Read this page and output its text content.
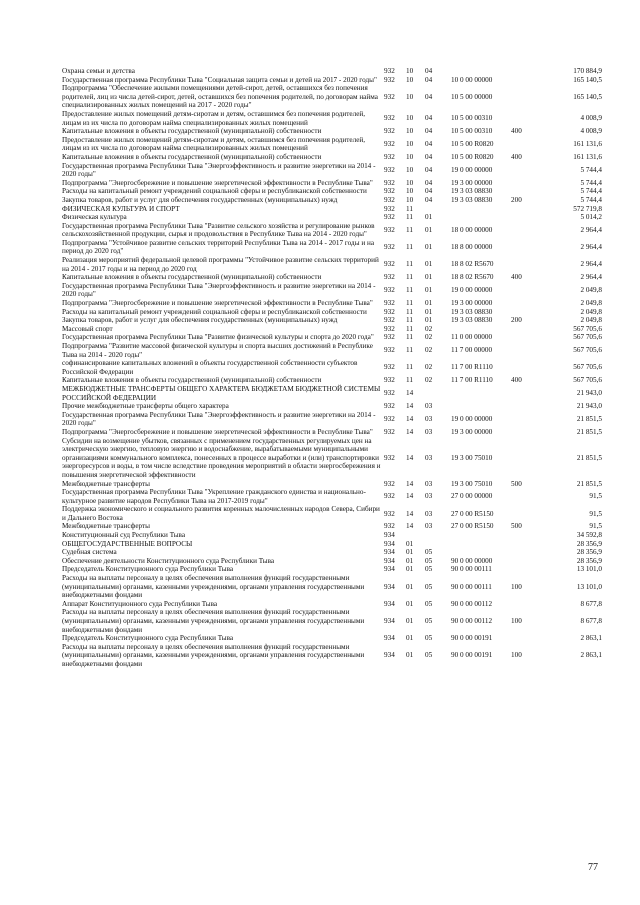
Охрана семьи и детства	932	10	04			170 884,9
Государственная программа Республики Тыва "Социальная защита семьи и детей на 2017 - 2020 годы"	932	10	04	10 0 00 00000		165 140,5
Подпрограмма "Обеспечение жилыми помещениями детей-сирот, детей, оставшихся без попечения родителей, лиц из числа детей-сирот, детей, оставшихся без попечения родителей, по договорам найма специализированных жилых помещений на 2017 - 2020 годы"	932	10	04	10 5 00 00000		165 140,5
Предоставление жилых помещений детям-сиротам и детям, оставшимся без попечения родителей, лицам из их числа по договорам найма специализированных жилых помещений	932	10	04	10 5 00 00310		4 008,9
Капитальные вложения в объекты государственной (муниципальной) собственности	932	10	04	10 5 00 00310	400	4 008,9
Предоставление жилых помещений детям-сиротам и детям, оставшимся без попечения родителей, лицам из их числа по договорам найма специализированных жилых помещений	932	10	04	10 5 00 R0820		161 131,6
Капитальные вложения в объекты государственной (муниципальной) собственности	932	10	04	10 5 00 R0820	400	161 131,6
Государственная программа Республики Тыва "Энергоэффективность и развитие энергетики на 2014 - 2020 годы"	932	10	04	19 0 00 00000		5 744,4
Подпрограмма "Энергосбережение и повышение энергетической эффективности в Республике Тыва"	932	10	04	19 3 00 00000		5 744,4
Расходы на капитальный ремонт учреждений социальной сферы и республиканской собственности	932	10	04	19 3 03 08830		5 744,4
Закупка товаров, работ и услуг для обеспечения государственных (муниципальных) нужд	932	10	04	19 3 03 08830	200	5 744,4
ФИЗИЧЕСКАЯ КУЛЬТУРА И СПОРТ	932	11				572 719,8
Физическая культура	932	11	01			5 014,2
Государственная программа Республики Тыва "Развитие сельского хозяйства и регулирование рынков сельскохозяйственной продукции, сырья и продовольствия в Республике Тыва на 2014 - 2020 годы"	932	11	01	18 0 00 00000		2 964,4
Подпрограмма "Устойчивое развитие сельских территорий Республики Тыва на 2014 - 2017 годы и на период до 2020 год"	932	11	01	18 8 00 00000		2 964,4
Реализация мероприятий федеральной целевой программы "Устойчивое развитие сельских территорий на 2014 - 2017 годы и на период до 2020 год	932	11	01	18 8 02 R5670		2 964,4
Капитальные вложения в объекты государственной (муниципальной) собственности	932	11	01	18 8 02 R5670	400	2 964,4
Государственная программа Республики Тыва "Энергоэффективность и развитие энергетики на 2014 - 2020 годы"	932	11	01	19 0 00 00000		2 049,8
Подпрограмма "Энергосбережение и повышение энергетической эффективности в Республике Тыва"	932	11	01	19 3 00 00000		2 049,8
Расходы на капитальный ремонт учреждений социальной сферы и республиканской собственности	932	11	01	19 3 03 08830		2 049,8
Закупка товаров, работ и услуг для обеспечения государственных (муниципальных) нужд	932	11	01	19 3 03 08830	200	2 049,8
Массовый спорт	932	11	02			567 705,6
Государственная программа Республики Тыва "Развитие физической культуры и спорта до 2020 года"	932	11	02	11 0 00 00000		567 705,6
Подпрограмма "Развитие массовой физической культуры и спорта высших достижений в Республике Тыва на 2014 - 2020 годы"	932	11	02	11 7 00 00000		567 705,6
софинансирование капитальных вложений в объекты государственной собственности субъектов Российской Федерации	932	11	02	11 7 00 R1110		567 705,6
Капитальные вложения в объекты государственной (муниципальной) собственности	932	11	02	11 7 00 R1110	400	567 705,6
МЕЖБЮДЖЕТНЫЕ ТРАНСФЕРТЫ ОБЩЕГО ХАРАКТЕРА БЮДЖЕТАМ БЮДЖЕТНОЙ СИСТЕМЫ РОССИЙСКОЙ ФЕДЕРАЦИИ	932	14				21 943,0
Прочие межбюджетные трансферты общего характера	932	14	03			21 943,0
Государственная программа Республики Тыва "Энергоэффективность и развитие энергетики на 2014 - 2020 годы"	932	14	03	19 0 00 00000		21 851,5
Подпрограмма "Энергосбережение и повышение энергетической эффективности в Республике Тыва"	932	14	03	19 3 00 00000		21 851,5
Субсидии на возмещение убытков, связанных с применением государственных регулируемых цен на электрическую энергию, тепловую энергию и водоснабжение, вырабатываемыми муниципальными организациями коммунального комплекса, понесенных в процессе выработки и (или) транспортировки энергоресурсов и воды, в том числе вследствие проведения мероприятий в области энергосбережения и повышения энергетической эффективности	932	14	03	19 3 00 75010		21 851,5
Межбюджетные трансферты	932	14	03	19 3 00 75010	500	21 851,5
Государственная программа Республики Тыва "Укрепление гражданского единства и национально-культурное развитие народов Республики Тыва на 2017-2019 годы"	932	14	03	27 0 00 00000		91,5
Поддержка экономического и социального развития коренных малочисленных народов Севера, Сибири и Дальнего Востока	932	14	03	27 0 00 R5150		91,5
Межбюджетные трансферты	932	14	03	27 0 00 R5150	500	91,5
Конституционный суд Республики Тыва	934					34 592,8
ОБЩЕГОСУДАРСТВЕННЫЕ ВОПРОСЫ	934	01				28 356,9
Судебная система	934	01	05			28 356,9
Обеспечение деятельности Конституционного суда Республики Тыва	934	01	05	90 0 00 00000		28 356,9
Председатель Конституционного суда Республики Тыва	934	01	05	90 0 00 00111		13 101,0
Расходы на выплаты персоналу в целях обеспечения выполнения функций государственными (муниципальными) органами, казенными учреждениями, органами управления государственными внебюджетными фондами	934	01	05	90 0 00 00111	100	13 101,0
Аппарат Конституционного суда Республики Тыва	934	01	05	90 0 00 00112		8 677,8
Расходы на выплаты персоналу в целях обеспечения выполнения функций государственными (муниципальными) органами, казенными учреждениями, органами управления государственными внебюджетными фондами	934	01	05	90 0 00 00112	100	8 677,8
Председатель Конституционного суда Республики Тыва	934	01	05	90 0 00 00191		2 863,1
Расходы на выплаты персоналу в целях обеспечения выполнения функций государственными (муниципальными) органами, казенными учреждениями, органами управления государственными внебюджетными фондами	934	01	05	90 0 00 00191	100	2 863,1
77
